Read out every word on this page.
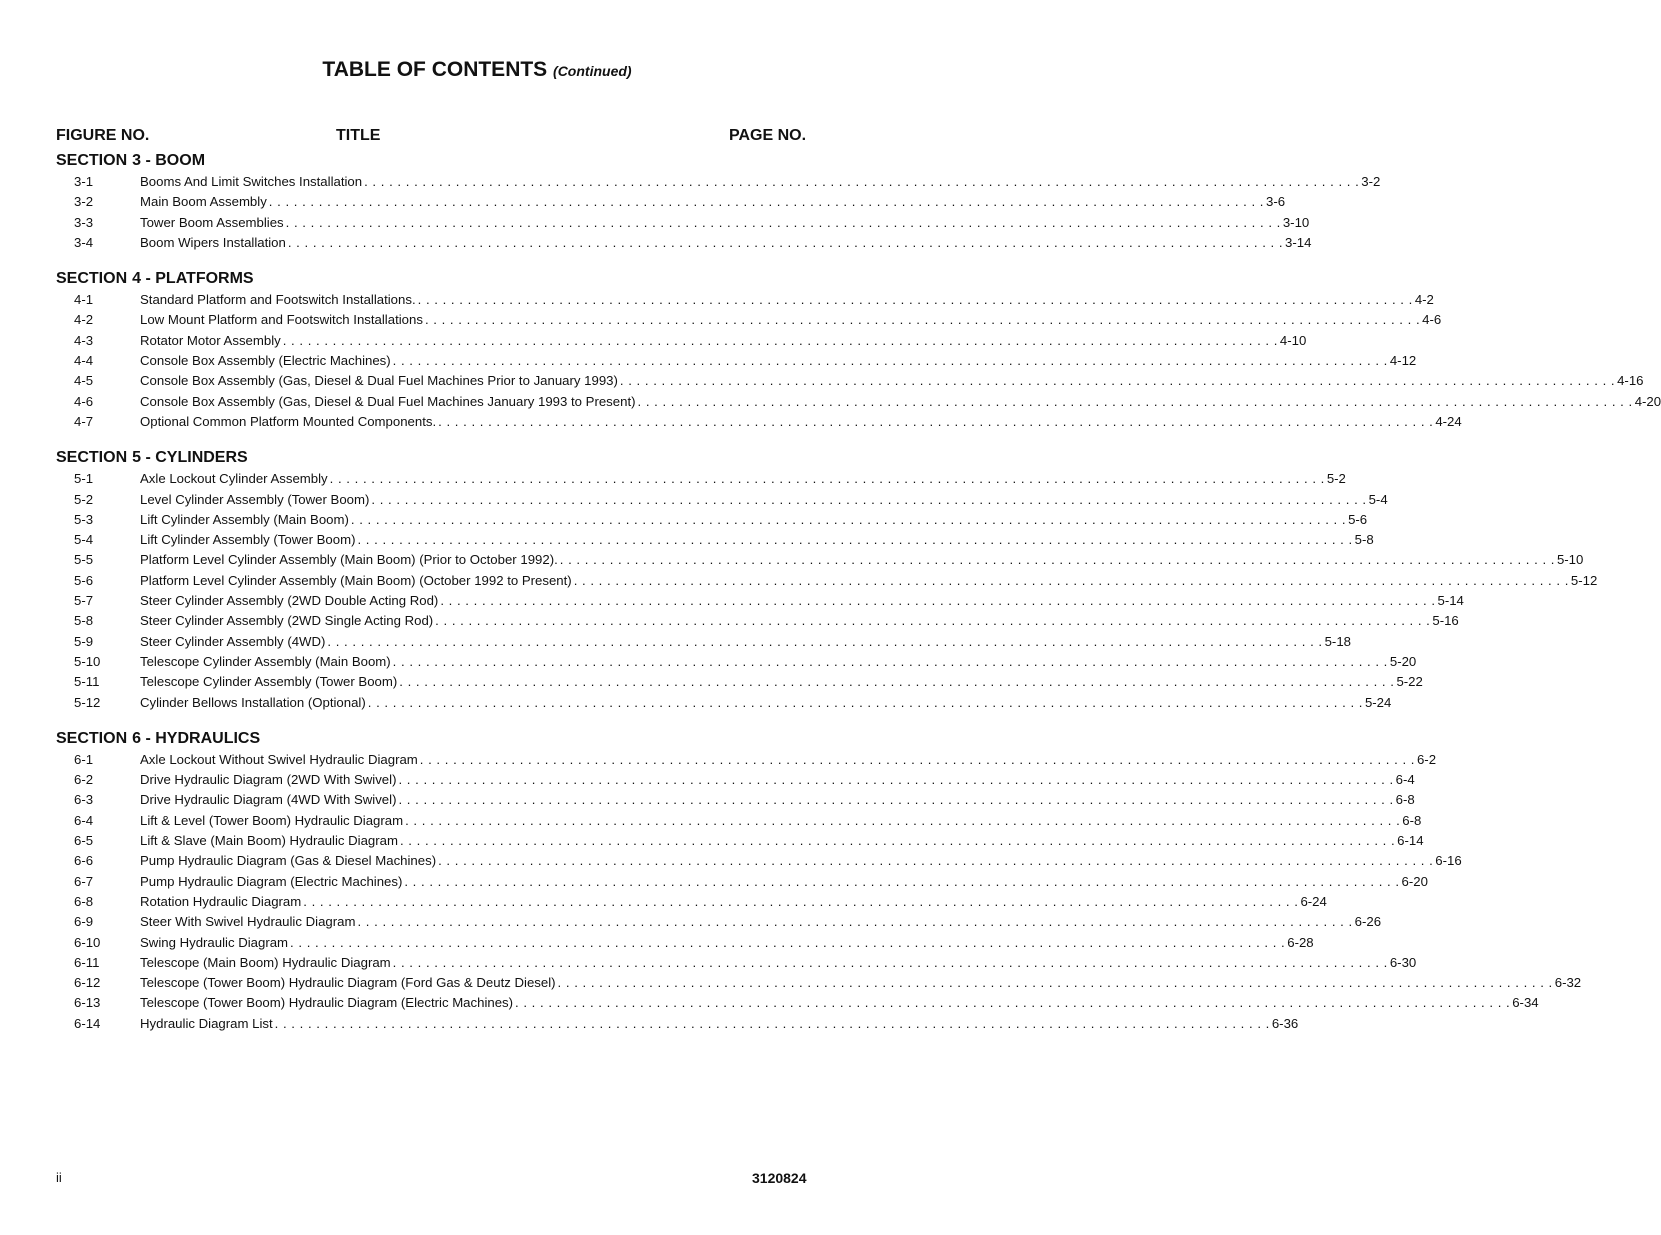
TABLE OF CONTENTS (Continued)
FIGURE NO.	TITLE	PAGE NO.
SECTION 3 - BOOM
3-1	Booms And Limit Switches Installation . . . . . . . . . . . . . . . . . . . . . . . . . . . . . . . . . . . . . . . . . . . . . . . . . . . . . . . . . . . . . . . . . . . . . . . . . . . . . . . . . . . . . . . . . . . . . . . . . . . . . . . . . . . . . . . . . . . . . . . . 3-2
3-2	Main Boom Assembly . . . . . . . . . . . . . . . . . . . . . . . . . . . . . . . . . . . . . . . . . . . . . . . . . . . . . . . . . . . . . . . . . . . . . . . . . . . . . . . . . . . . . . . . . . . . . . . . . . . . . . . . . . . . . . . . . . . . . . . . 3-6
3-3	Tower Boom Assemblies . . . . . . . . . . . . . . . . . . . . . . . . . . . . . . . . . . . . . . . . . . . . . . . . . . . . . . . . . . . . . . . . . . . . . . . . . . . . . . . . . . . . . . . . . . . . . . . . . . . . . . . . . . . . . . . . . . . . . . . . 3-10
3-4	Boom Wipers Installation . . . . . . . . . . . . . . . . . . . . . . . . . . . . . . . . . . . . . . . . . . . . . . . . . . . . . . . . . . . . . . . . . . . . . . . . . . . . . . . . . . . . . . . . . . . . . . . . . . . . . . . . . . . . . . . . . . . . . . . . 3-14
SECTION 4 - PLATFORMS
4-1	Standard Platform and Footswitch Installations. . . . . . . . . . . . . . . . . . . . . . . . . . . . . . . . . . . . . . . . . . . . . . . . . . . . . . . . . . . . . . . . . . . . . . . . . . . . . . . . . . . . . . . . . . . . . . . . . . . . . . . . . . . . . . . . . . . . . . . . . 4-2
4-2	Low Mount Platform and Footswitch Installations . . . . . . . . . . . . . . . . . . . . . . . . . . . . . . . . . . . . . . . . . . . . . . . . . . . . . . . . . . . . . . . . . . . . . . . . . . . . . . . . . . . . . . . . . . . . . . . . . . . . . . . . . . . . . . . . . . . . . . . . 4-6
4-3	Rotator Motor Assembly . . . . . . . . . . . . . . . . . . . . . . . . . . . . . . . . . . . . . . . . . . . . . . . . . . . . . . . . . . . . . . . . . . . . . . . . . . . . . . . . . . . . . . . . . . . . . . . . . . . . . . . . . . . . . . . . . . . . . . . . 4-10
4-4	Console Box Assembly (Electric Machines) . . . . . . . . . . . . . . . . . . . . . . . . . . . . . . . . . . . . . . . . . . . . . . . . . . . . . . . . . . . . . . . . . . . . . . . . . . . . . . . . . . . . . . . . . . . . . . . . . . . . . . . . . . . . . . . . . . . . . . . . 4-12
4-5	Console Box Assembly (Gas, Diesel & Dual Fuel Machines Prior to January 1993) . . . . . . . . . . . . . . . . . . . . . . . . . . . . . . . . . . . . . . . . . . . . . . . . . . . . . . . . . . . . . . . . . . . . . . . . . . . . . . . . . . . . . . . . . . . . . . . . . . . . . . . . . . . . . . . . . . . . . . . . 4-16
4-6	Console Box Assembly (Gas, Diesel & Dual Fuel Machines January 1993 to Present) . . . . . . . . . . . . . . . . . . . . . . . . . . . . . . . . . . . . . . . . . . . . . . . . . . . . . . . . . . . . . . . . . . . . . . . . . . . . . . . . . . . . . . . . . . . . . . . . . . . . . . . . . . . . . . . . . . . . . . . . 4-20
4-7	Optional Common Platform Mounted Components. . . . . . . . . . . . . . . . . . . . . . . . . . . . . . . . . . . . . . . . . . . . . . . . . . . . . . . . . . . . . . . . . . . . . . . . . . . . . . . . . . . . . . . . . . . . . . . . . . . . . . . . . . . . . . . . . . . . . . . . . 4-24
SECTION 5 - CYLINDERS
5-1	Axle Lockout Cylinder Assembly . . . . . . . . . . . . . . . . . . . . . . . . . . . . . . . . . . . . . . . . . . . . . . . . . . . . . . . . . . . . . . . . . . . . . . . . . . . . . . . . . . . . . . . . . . . . . . . . . . . . . . . . . . . . . . . . . . . . . . . . 5-2
5-2	Level Cylinder Assembly (Tower Boom) . . . . . . . . . . . . . . . . . . . . . . . . . . . . . . . . . . . . . . . . . . . . . . . . . . . . . . . . . . . . . . . . . . . . . . . . . . . . . . . . . . . . . . . . . . . . . . . . . . . . . . . . . . . . . . . . . . . . . . . . 5-4
5-3	Lift Cylinder Assembly (Main Boom) . . . . . . . . . . . . . . . . . . . . . . . . . . . . . . . . . . . . . . . . . . . . . . . . . . . . . . . . . . . . . . . . . . . . . . . . . . . . . . . . . . . . . . . . . . . . . . . . . . . . . . . . . . . . . . . . . . . . . . . . 5-6
5-4	Lift Cylinder Assembly (Tower Boom) . . . . . . . . . . . . . . . . . . . . . . . . . . . . . . . . . . . . . . . . . . . . . . . . . . . . . . . . . . . . . . . . . . . . . . . . . . . . . . . . . . . . . . . . . . . . . . . . . . . . . . . . . . . . . . . . . . . . . . . . 5-8
5-5	Platform Level Cylinder Assembly (Main Boom) (Prior to October 1992). . . . . . . . . . . . . . . . . . . . . . . . . . . . . . . . . . . . . . . . . . . . . . . . . . . . . . . . . . . . . . . . . . . . . . . . . . . . . . . . . . . . . . . . . . . . . . . . . . . . . . . . . . . . . . . . . . . . . . . . . 5-10
5-6	Platform Level Cylinder Assembly (Main Boom) (October 1992 to Present) . . . . . . . . . . . . . . . . . . . . . . . . . . . . . . . . . . . . . . . . . . . . . . . . . . . . . . . . . . . . . . . . . . . . . . . . . . . . . . . . . . . . . . . . . . . . . . . . . . . . . . . . . . . . . . . . . . . . . . . . 5-12
5-7	Steer Cylinder Assembly (2WD Double Acting Rod) . . . . . . . . . . . . . . . . . . . . . . . . . . . . . . . . . . . . . . . . . . . . . . . . . . . . . . . . . . . . . . . . . . . . . . . . . . . . . . . . . . . . . . . . . . . . . . . . . . . . . . . . . . . . . . . . . . . . . . . . 5-14
5-8	Steer Cylinder Assembly (2WD Single Acting Rod) . . . . . . . . . . . . . . . . . . . . . . . . . . . . . . . . . . . . . . . . . . . . . . . . . . . . . . . . . . . . . . . . . . . . . . . . . . . . . . . . . . . . . . . . . . . . . . . . . . . . . . . . . . . . . . . . . . . . . . . . 5-16
5-9	Steer Cylinder Assembly (4WD) . . . . . . . . . . . . . . . . . . . . . . . . . . . . . . . . . . . . . . . . . . . . . . . . . . . . . . . . . . . . . . . . . . . . . . . . . . . . . . . . . . . . . . . . . . . . . . . . . . . . . . . . . . . . . . . . . . . . . . . . 5-18
5-10	Telescope Cylinder Assembly (Main Boom) . . . . . . . . . . . . . . . . . . . . . . . . . . . . . . . . . . . . . . . . . . . . . . . . . . . . . . . . . . . . . . . . . . . . . . . . . . . . . . . . . . . . . . . . . . . . . . . . . . . . . . . . . . . . . . . . . . . . . . . . 5-20
5-11	Telescope Cylinder Assembly (Tower Boom) . . . . . . . . . . . . . . . . . . . . . . . . . . . . . . . . . . . . . . . . . . . . . . . . . . . . . . . . . . . . . . . . . . . . . . . . . . . . . . . . . . . . . . . . . . . . . . . . . . . . . . . . . . . . . . . . . . . . . . . . 5-22
5-12	Cylinder Bellows Installation (Optional) . . . . . . . . . . . . . . . . . . . . . . . . . . . . . . . . . . . . . . . . . . . . . . . . . . . . . . . . . . . . . . . . . . . . . . . . . . . . . . . . . . . . . . . . . . . . . . . . . . . . . . . . . . . . . . . . . . . . . . . . 5-24
SECTION 6 - HYDRAULICS
6-1	Axle Lockout Without Swivel Hydraulic Diagram . . . . . . . . . . . . . . . . . . . . . . . . . . . . . . . . . . . . . . . . . . . . . . . . . . . . . . . . . . . . . . . . . . . . . . . . . . . . . . . . . . . . . . . . . . . . . . . . . . . . . . . . . . . . . . . . . . . . . . . . 6-2
6-2	Drive Hydraulic Diagram (2WD With Swivel) . . . . . . . . . . . . . . . . . . . . . . . . . . . . . . . . . . . . . . . . . . . . . . . . . . . . . . . . . . . . . . . . . . . . . . . . . . . . . . . . . . . . . . . . . . . . . . . . . . . . . . . . . . . . . . . . . . . . . . . . 6-4
6-3	Drive Hydraulic Diagram (4WD With Swivel) . . . . . . . . . . . . . . . . . . . . . . . . . . . . . . . . . . . . . . . . . . . . . . . . . . . . . . . . . . . . . . . . . . . . . . . . . . . . . . . . . . . . . . . . . . . . . . . . . . . . . . . . . . . . . . . . . . . . . . . . 6-8
6-4	Lift & Level (Tower Boom) Hydraulic Diagram . . . . . . . . . . . . . . . . . . . . . . . . . . . . . . . . . . . . . . . . . . . . . . . . . . . . . . . . . . . . . . . . . . . . . . . . . . . . . . . . . . . . . . . . . . . . . . . . . . . . . . . . . . . . . . . . . . . . . . . . 6-8
6-5	Lift & Slave (Main Boom) Hydraulic Diagram . . . . . . . . . . . . . . . . . . . . . . . . . . . . . . . . . . . . . . . . . . . . . . . . . . . . . . . . . . . . . . . . . . . . . . . . . . . . . . . . . . . . . . . . . . . . . . . . . . . . . . . . . . . . . . . . . . . . . . . . 6-14
6-6	Pump Hydraulic Diagram (Gas & Diesel Machines) . . . . . . . . . . . . . . . . . . . . . . . . . . . . . . . . . . . . . . . . . . . . . . . . . . . . . . . . . . . . . . . . . . . . . . . . . . . . . . . . . . . . . . . . . . . . . . . . . . . . . . . . . . . . . . . . . . . . . . . . 6-16
6-7	Pump Hydraulic Diagram (Electric Machines) . . . . . . . . . . . . . . . . . . . . . . . . . . . . . . . . . . . . . . . . . . . . . . . . . . . . . . . . . . . . . . . . . . . . . . . . . . . . . . . . . . . . . . . . . . . . . . . . . . . . . . . . . . . . . . . . . . . . . . . . 6-20
6-8	Rotation Hydraulic Diagram . . . . . . . . . . . . . . . . . . . . . . . . . . . . . . . . . . . . . . . . . . . . . . . . . . . . . . . . . . . . . . . . . . . . . . . . . . . . . . . . . . . . . . . . . . . . . . . . . . . . . . . . . . . . . . . . . . . . . . . . 6-24
6-9	Steer With Swivel Hydraulic Diagram . . . . . . . . . . . . . . . . . . . . . . . . . . . . . . . . . . . . . . . . . . . . . . . . . . . . . . . . . . . . . . . . . . . . . . . . . . . . . . . . . . . . . . . . . . . . . . . . . . . . . . . . . . . . . . . . . . . . . . . . 6-26
6-10	Swing Hydraulic Diagram . . . . . . . . . . . . . . . . . . . . . . . . . . . . . . . . . . . . . . . . . . . . . . . . . . . . . . . . . . . . . . . . . . . . . . . . . . . . . . . . . . . . . . . . . . . . . . . . . . . . . . . . . . . . . . . . . . . . . . . . 6-28
6-11	Telescope (Main Boom) Hydraulic Diagram . . . . . . . . . . . . . . . . . . . . . . . . . . . . . . . . . . . . . . . . . . . . . . . . . . . . . . . . . . . . . . . . . . . . . . . . . . . . . . . . . . . . . . . . . . . . . . . . . . . . . . . . . . . . . . . . . . . . . . . . 6-30
6-12	Telescope (Tower Boom) Hydraulic Diagram (Ford Gas & Deutz Diesel) . . . . . . . . . . . . . . . . . . . . . . . . . . . . . . . . . . . . . . . . . . . . . . . . . . . . . . . . . . . . . . . . . . . . . . . . . . . . . . . . . . . . . . . . . . . . . . . . . . . . . . . . . . . . . . . . . . . . . . . . 6-32
6-13	Telescope (Tower Boom) Hydraulic Diagram (Electric Machines) . . . . . . . . . . . . . . . . . . . . . . . . . . . . . . . . . . . . . . . . . . . . . . . . . . . . . . . . . . . . . . . . . . . . . . . . . . . . . . . . . . . . . . . . . . . . . . . . . . . . . . . . . . . . . . . . . . . . . . . . 6-34
6-14	Hydraulic Diagram List . . . . . . . . . . . . . . . . . . . . . . . . . . . . . . . . . . . . . . . . . . . . . . . . . . . . . . . . . . . . . . . . . . . . . . . . . . . . . . . . . . . . . . . . . . . . . . . . . . . . . . . . . . . . . . . . . . . . . . . . 6-36
ii	3120824
